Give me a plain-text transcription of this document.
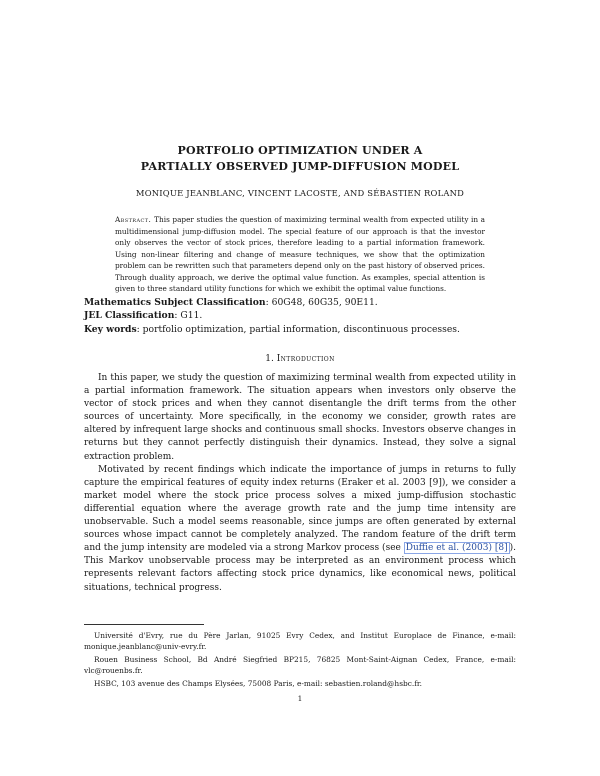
PORTFOLIO OPTIMIZATION UNDER A
PARTIALLY OBSERVED JUMP-DIFFUSION MODEL
MONIQUE JEANBLANC, VINCENT LACOSTE, AND SÉBASTIEN ROLAND
Abstract. This paper studies the question of maximizing terminal wealth from expected utility in a multidimensional jump-diffusion model. The special feature of our approach is that the investor only observes the vector of stock prices, therefore leading to a partial information framework. Using non-linear filtering and change of measure techniques, we show that the optimization problem can be rewritten such that parameters depend only on the past history of observed prices. Through duality approach, we derive the optimal value function. As examples, special attention is given to three standard utility functions for which we exhibit the optimal value functions.

Mathematics Subject Classification: 60G48, 60G35, 90E11.

JEL Classification: G11.

Key words: portfolio optimization, partial information, discontinuous processes.

1. Introduction

In this paper, we study the question of maximizing terminal wealth from expected utility in a partial information framework. The situation appears when investors only observe the vector of stock prices and when they cannot disentangle the drift terms from the other sources of uncertainty. More specifically, in the economy we consider, growth rates are altered by infrequent large shocks and continuous small shocks. Investors observe changes in returns but they cannot perfectly distinguish their dynamics. Instead, they solve a signal extraction problem.

Motivated by recent findings which indicate the importance of jumps in returns to fully capture the empirical features of equity index returns (Eraker et al. 2003 [9]), we consider a market model where the stock price process solves a mixed jump-diffusion stochastic differential equation where the average growth rate and the jump time intensity are unobservable. Such a model seems reasonable, since jumps are often generated by external sources whose impact cannot be completely analyzed. The random feature of the drift term and the jump intensity are modeled via a strong Markov process (see Duffie et al. (2003) [8] ). This Markov unobservable process may be interpreted as an environment process which represents relevant factors affecting stock price dynamics, like economical news, political situations, technical progress.

Université d'Evry, rue du Père Jarlan, 91025 Evry Cedex, and Institut Europlace de Finance, e-mail: monique.jeanblanc@univ-evry.fr.

Rouen Business School, Bd André Siegfried BP215, 76825 Mont-Saint-Aignan Cedex, France, e-mail: vlc@rouenbs.fr.

HSBC, 103 avenue des Champs Elysées, 75008 Paris, e-mail: sebastien.roland@hsbc.fr.

1
